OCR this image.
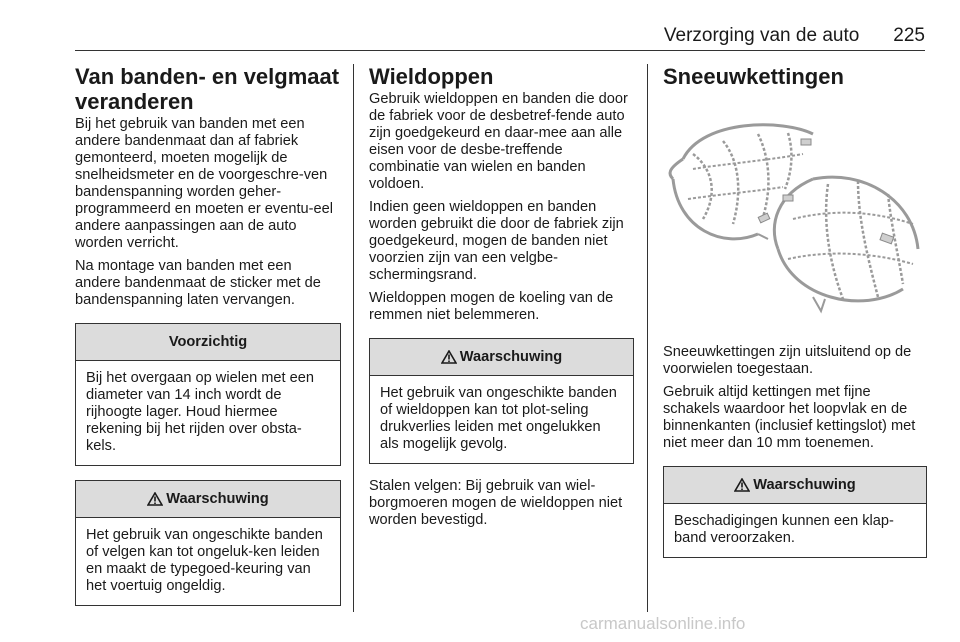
Verzorging van de auto 225
Van banden- en velgmaat veranderen

Bij het gebruik van banden met een andere bandenmaat dan af fabriek gemonteerd, moeten mogelijk de snelheidsmeter en de voorgeschre-ven bandenspanning worden geher-programmeerd en moeten er eventu-eel andere aanpassingen aan de auto worden verricht.

Na montage van banden met een andere bandenmaat de sticker met de bandenspanning laten vervangen.

Voorzichtig
Bij het overgaan op wielen met een diameter van 14 inch wordt de rijhoogte lager. Houd hiermee rekening bij het rijden over obsta-kels.
Waarschuwing
Het gebruik van ongeschikte banden of velgen kan tot ongeluk-ken leiden en maakt de typegoed-keuring van het voertuig ongeldig.
Wieldoppen

Gebruik wieldoppen en banden die door de fabriek voor de desbetref-fende auto zijn goedgekeurd en daar-mee aan alle eisen voor de desbe-treffende combinatie van wielen en banden voldoen.

Indien geen wieldoppen en banden worden gebruikt die door de fabriek zijn goedgekeurd, mogen de banden niet voorzien zijn van een velgbe-schermingsrand.

Wieldoppen mogen de koeling van de remmen niet belemmeren.

Waarschuwing
Het gebruik van ongeschikte banden of wieldoppen kan tot plot-seling drukverlies leiden met ongelukken als mogelijk gevolg.

Stalen velgen: Bij gebruik van wiel-borgmoeren mogen de wieldoppen niet worden bevestigd.

Sneeuwkettingen

Sneeuwkettingen zijn uitsluitend op de voorwielen toegestaan.

Gebruik altijd kettingen met fijne schakels waardoor het loopvlak en de binnenkanten (inclusief kettingslot) met niet meer dan 10 mm toenemen.

Waarschuwing
Beschadigingen kunnen een klap-band veroorzaken.
carmanualsonline.info
